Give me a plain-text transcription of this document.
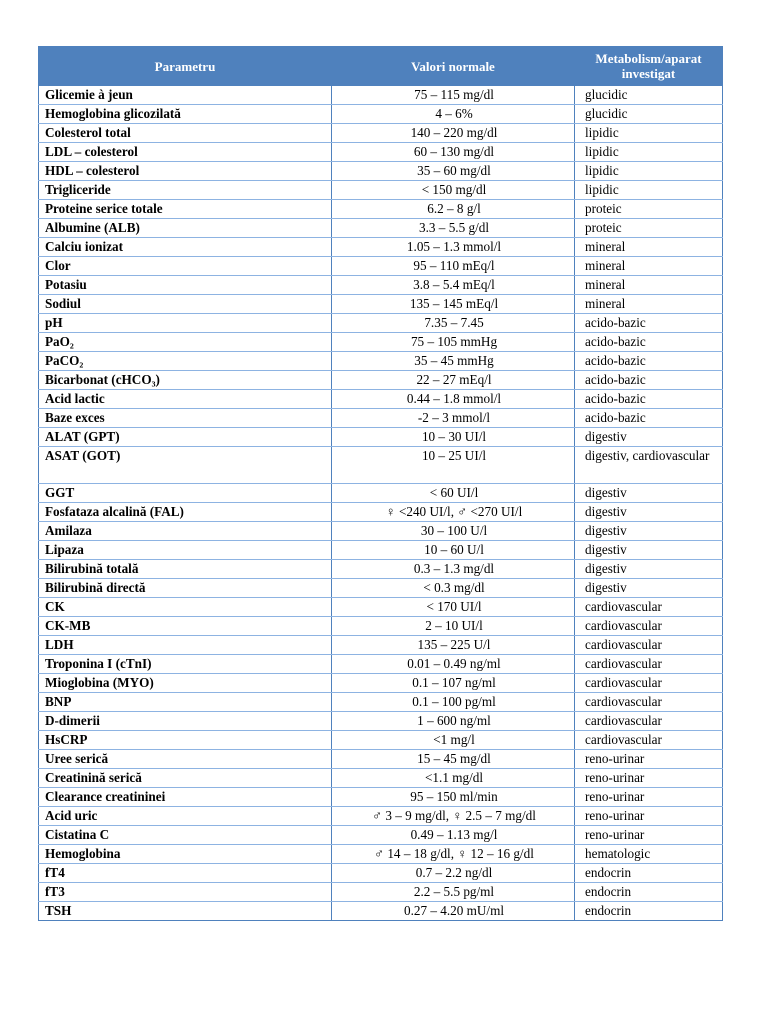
Parametru	Valori normale	Metabolism/aparat investigat
Glicemie à jeun	75 – 115 mg/dl	glucidic
Hemoglobina glicozilată	4 – 6%	glucidic
Colesterol total	140 – 220 mg/dl	lipidic
LDL – colesterol	60 – 130 mg/dl	lipidic
HDL – colesterol	35 – 60 mg/dl	lipidic
Trigliceride	< 150 mg/dl	lipidic
Proteine serice totale	6.2 – 8 g/l	proteic
Albumine (ALB)	3.3 – 5.5 g/dl	proteic
Calciu ionizat	1.05 – 1.3 mmol/l	mineral
Clor	95 – 110 mEq/l	mineral
Potasiu	3.8 – 5.4 mEq/l	mineral
Sodiul	135 – 145 mEq/l	mineral
pH	7.35 – 7.45	acido-bazic
PaO₂	75 – 105 mmHg	acido-bazic
PaCO₂	35 – 45 mmHg	acido-bazic
Bicarbonat (cHCO₃)	22 – 27 mEq/l	acido-bazic
Acid lactic	0.44 – 1.8 mmol/l	acido-bazic
Baze exces	-2 – 3 mmol/l	acido-bazic
ALAT (GPT)	10 – 30 UI/l	digestiv
ASAT (GOT)	10 – 25 UI/l	digestiv, cardiovascular
GGT	< 60 UI/l	digestiv
Fosfataza alcalină (FAL)	♀ <240 UI/l, ♂ <270 UI/l	digestiv
Amilaza	30 – 100 U/l	digestiv
Lipaza	10 – 60 U/l	digestiv
Bilirubină totală	0.3 – 1.3 mg/dl	digestiv
Bilirubină directă	< 0.3 mg/dl	digestiv
CK	< 170 UI/l	cardiovascular
CK-MB	2 – 10 UI/l	cardiovascular
LDH	135 – 225 U/l	cardiovascular
Troponina I (cTnI)	0.01 – 0.49 ng/ml	cardiovascular
Mioglobina (MYO)	0.1 – 107 ng/ml	cardiovascular
BNP	0.1 – 100 pg/ml	cardiovascular
D-dimerii	1 – 600 ng/ml	cardiovascular
HsCRP	<1 mg/l	cardiovascular
Uree serică	15 – 45 mg/dl	reno-urinar
Creatinină serică	<1.1 mg/dl	reno-urinar
Clearance creatininei	95 – 150 ml/min	reno-urinar
Acid uric	♂ 3 – 9 mg/dl, ♀ 2.5 – 7 mg/dl	reno-urinar
Cistatina C	0.49 – 1.13 mg/l	reno-urinar
Hemoglobina	♂ 14 – 18 g/dl, ♀ 12 – 16 g/dl	hematologic
fT4	0.7 – 2.2 ng/dl	endocrin
fT3	2.2 – 5.5 pg/ml	endocrin
TSH	0.27 – 4.20 mU/ml	endocrin
